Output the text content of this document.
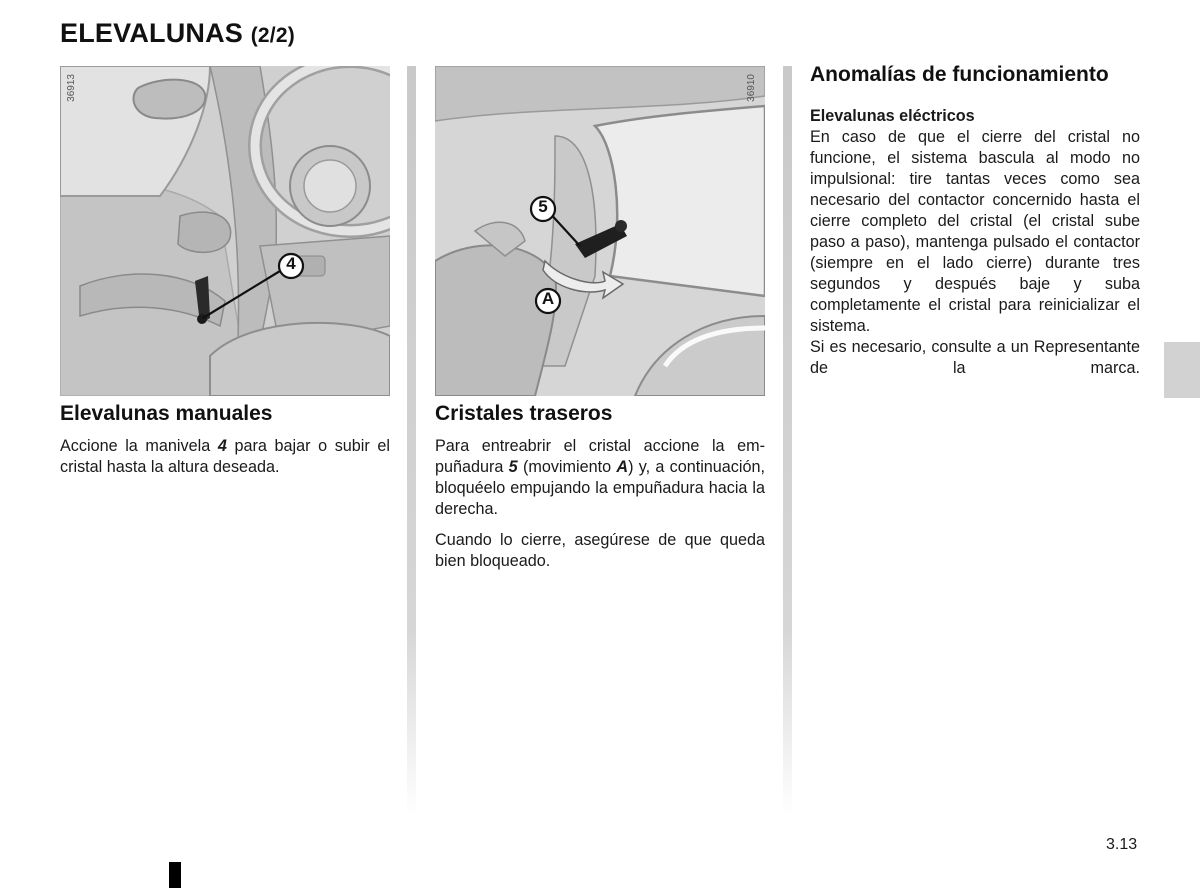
ELEVALUNAS (2/2)
36913
4
36910
5
A
Elevalunas manuales

Accione la manivela 4 para bajar o subir el cristal hasta la altura deseada.

Cristales traseros

Para entreabrir el cristal accione la empuñadura 5 (movimiento A) y, a continuación, bloquéelo empujando la empuñadura hacia la derecha.

Cuando lo cierre, asegúrese de que queda bien bloqueado.

Anomalías de funcionamiento

Elevalunas eléctricos

En caso de que el cierre del cristal no funcione, el sistema bascula al modo no impulsional: tire tantas veces como sea necesario del contactor concernido hasta el cierre completo del cristal (el cristal sube paso a paso), mantenga pulsado el contactor (siempre en el lado cierre) durante tres segundos y después baje y suba completamente el cristal para reinicializar el sistema.

Si es necesario, consulte a un Representante de la marca.

3.13
